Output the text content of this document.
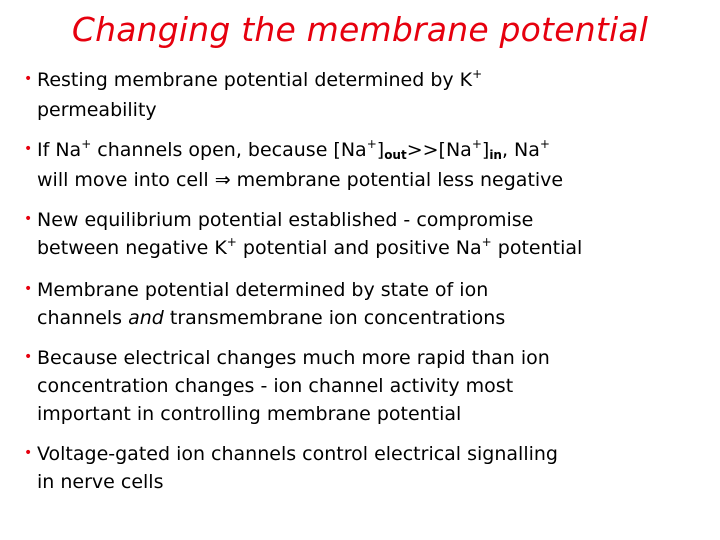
Changing the membrane potential
• Resting membrane potential determined by K+
permeability
• If Na+ channels open, because [Na+]out>>[Na+]in, Na+
will move into cell ⇒ membrane potential less negative
• New equilibrium potential established - compromise
between negative K+ potential and positive Na+ potential
• Membrane potential determined by state of ion
channels and transmembrane ion concentrations
• Because electrical changes much more rapid than ion
concentration changes - ion channel activity most
important in controlling membrane potential
• Voltage-gated ion channels control electrical signalling
in nerve cells
